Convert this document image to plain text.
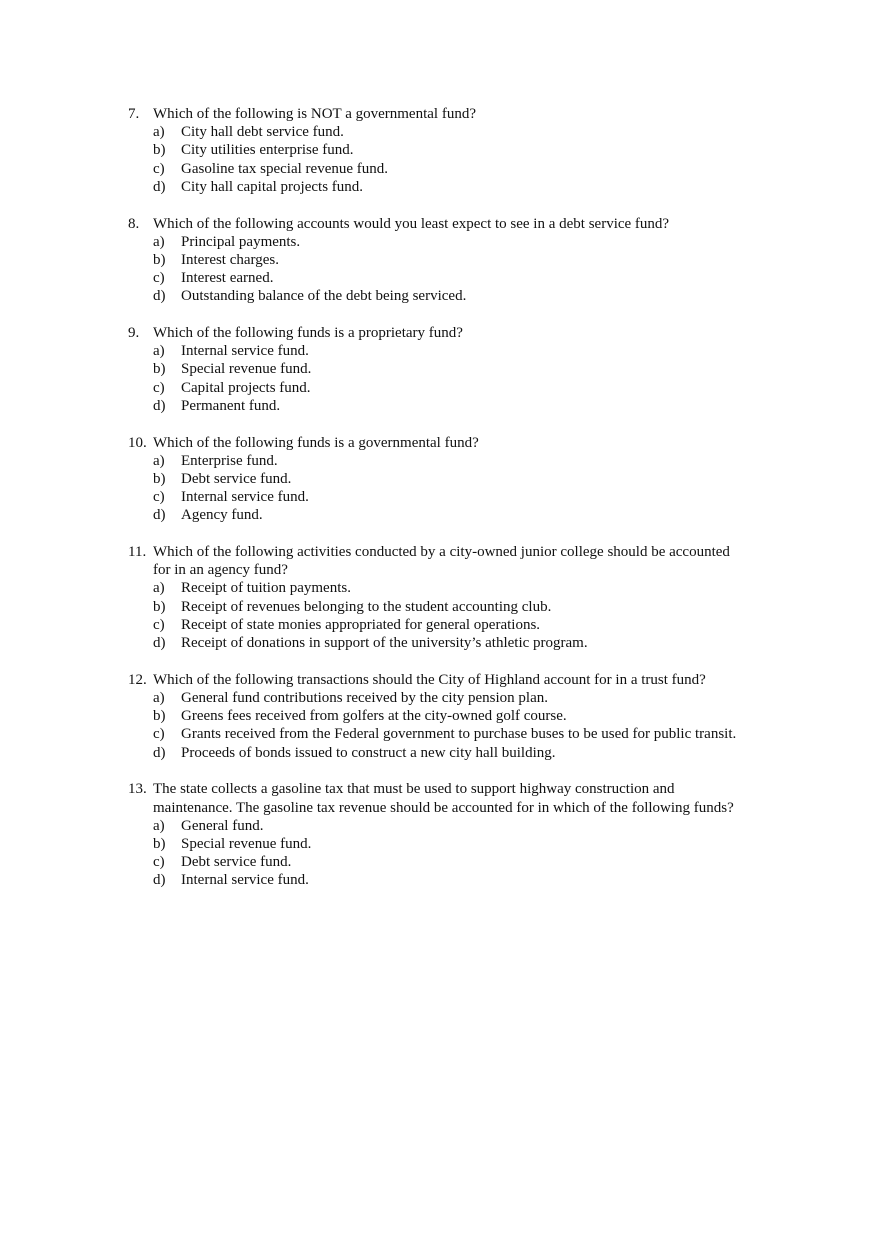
7. Which of the following is NOT a governmental fund?
a)	City hall debt service fund.
b)	City utilities enterprise fund.
c)	Gasoline tax special revenue fund.
d)	City hall capital projects fund.
8. Which of the following accounts would you least expect to see in a debt service fund?
a)	Principal payments.
b)	Interest charges.
c)	Interest earned.
d)	Outstanding balance of the debt being serviced.
9. Which of the following funds is a proprietary fund?
a)	Internal service fund.
b)	Special revenue fund.
c)	Capital projects fund.
d)	Permanent fund.
10. Which of the following funds is a governmental fund?
a)	Enterprise fund.
b)	Debt service fund.
c)	Internal service fund.
d)	Agency fund.
11. Which of the following activities conducted by a city-owned junior college should be accounted for in an agency fund?
a)	Receipt of tuition payments.
b)	Receipt of revenues belonging to the student accounting club.
c)	Receipt of state monies appropriated for general operations.
d)	Receipt of donations in support of the university’s athletic program.
12. Which of the following transactions should the City of Highland account for in a trust fund?
a)	General fund contributions received by the city pension plan.
b)	Greens fees received from golfers at the city-owned golf course.
c)	Grants received from the Federal government to purchase buses to be used for public transit.
d)	Proceeds of bonds issued to construct a new city hall building.
13. The state collects a gasoline tax that must be used to support highway construction and maintenance. The gasoline tax revenue should be accounted for in which of the following funds?
a)	General fund.
b)	Special revenue fund.
c)	Debt service fund.
d)	Internal service fund.
